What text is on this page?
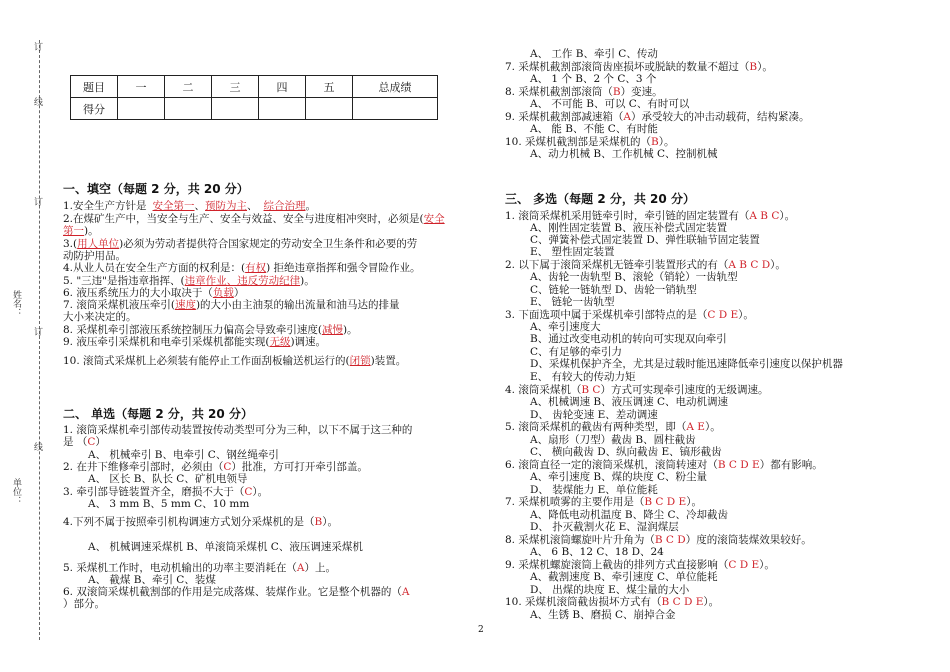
订
线
订
订
线
姓名：
单位：
题目	一	二	三	四	五	总成绩
得分						
一、填空（每题 2 分，共 20 分）
1.安全生产方针是 安全第一、预防为主、 综合治理。
2.在煤矿生产中，当安全与生产、安全与效益、安全与进度相冲突时，必须是(安全
第一)。
3.(用人单位)必须为劳动者提供符合国家规定的劳动安全卫生条件和必要的劳
动防护用品。
4.从业人员在安全生产方面的权利是：(有权) 拒绝违章指挥和强令冒险作业。
5. "三违"是指违章指挥、(违章作业、违反劳动纪律)。
6. 液压系统压力的大小取决于（负载）
7. 滚筒采煤机液压牵引(速度)的大小由主油泵的输出流量和油马达的排量
大小来决定的。
8. 采煤机牵引部液压系统控制压力偏高会导致牵引速度(减慢)。
9. 液压牵引采煤机和电牵引采煤机都能实现(无级)调速。
10. 滚筒式采煤机上必须装有能停止工作面刮板输送机运行的(闭锁)装置。
二、 单选（每题 2 分，共 20 分）
1. 滚筒采煤机牵引部传动装置按传动类型可分为三种，以下不属于这三种的
是 （C）
A、 机械牵引 B、电牵引 C、钢丝绳牵引
2. 在井下维修牵引部时，必须由（C）批准，方可打开牵引部盖。
A、 区长 B、队长 C、矿机电领导
3. 牵引部导链装置齐全，磨损不大于（C）。
A、 3 mm B、5 mm C、10 mm
4.下列不属于按照牵引机构调速方式划分采煤机的是（B）。
A、 机械调速采煤机 B、单滚筒采煤机 C、液压调速采煤机
5. 采煤机工作时，电动机输出的功率主要消耗在（A）上。
A、 截煤 B、牵引 C、装煤
6. 双滚筒采煤机截割部的作用是完成落煤、装煤作业。它是整个机器的（A
）部分。
2
A、 工作 B、牵引 C、传动
7. 采煤机截割部滚筒齿座损坏或脱缺的数量不超过（B）。
A、 1 个 B、2 个 C、3 个
8. 采煤机截割部滚筒（B）变速。
A、 不可能 B、可以 C、有时可以
9. 采煤机截割部减速箱（A）承受较大的冲击动载荷，结构紧凑。
A、 能 B、不能 C、有时能
10. 采煤机截割部是采煤机的（B）。
A、动力机械 B、工作机械 C、控制机械
三、 多选（每题 2 分，共 20 分）
1. 滚筒采煤机采用链牵引时，牵引链的固定装置有（A B C）。
A、刚性固定装置 B、液压补偿式固定装置
C、弹簧补偿式固定装置 D、弹性联轴节固定装置
E、 塑性固定装置
2. 以下属于滚筒采煤机无链牵引装置形式的有（A B C D）。
A、齿轮一齿轨型 B、滚轮（销轮）一齿轨型
C、链轮一链轨型 D、齿轮一销轨型
E、 链轮一齿轨型
3. 下面选项中属于采煤机牵引部特点的是（C D E）。
A、牵引速度大
B、通过改变电动机的转向可实现双向牵引
C、有足够的牵引力
D、采煤机保护齐全，尤其是过载时能迅速降低牵引速度以保护机器
E、 有较大的传动力矩
4. 滚筒采煤机（B C）方式可实现牵引速度的无级调速。
A、机械调速 B、液压调速 C、电动机调速
D、 齿轮变速 E、差动调速
5. 滚筒采煤机的截齿有两种类型，即（A E）。
A、扇形（刀型）截齿 B、圆柱截齿
C、 横向截齿 D、纵向截齿 E、镐形截齿
6. 滚筒直径一定的滚筒采煤机，滚筒转速对（B C D E）都有影响。
A、牵引速度 B、煤的块度 C、粉尘量
D、 装煤能力 E、单位能耗
7. 采煤机喷雾的主要作用是（B C D E）。
A、降低电动机温度 B、降尘 C、冷却截齿
D、 扑灭截割火花 E、湿润煤层
8. 采煤机滚筒螺旋叶片升角为（B C D）度的滚筒装煤效果较好。
A、 6 B、12 C、18 D、24
9. 采煤机螺旋滚筒上截齿的排列方式直接影响（C D E）。
A、截割速度 B、牵引速度 C、单位能耗
D、 出煤的块度 E、煤尘量的大小
10. 采煤机滚筒截齿损坏方式有（B C D E）。
A、生锈 B、磨损 C、崩掉合金
